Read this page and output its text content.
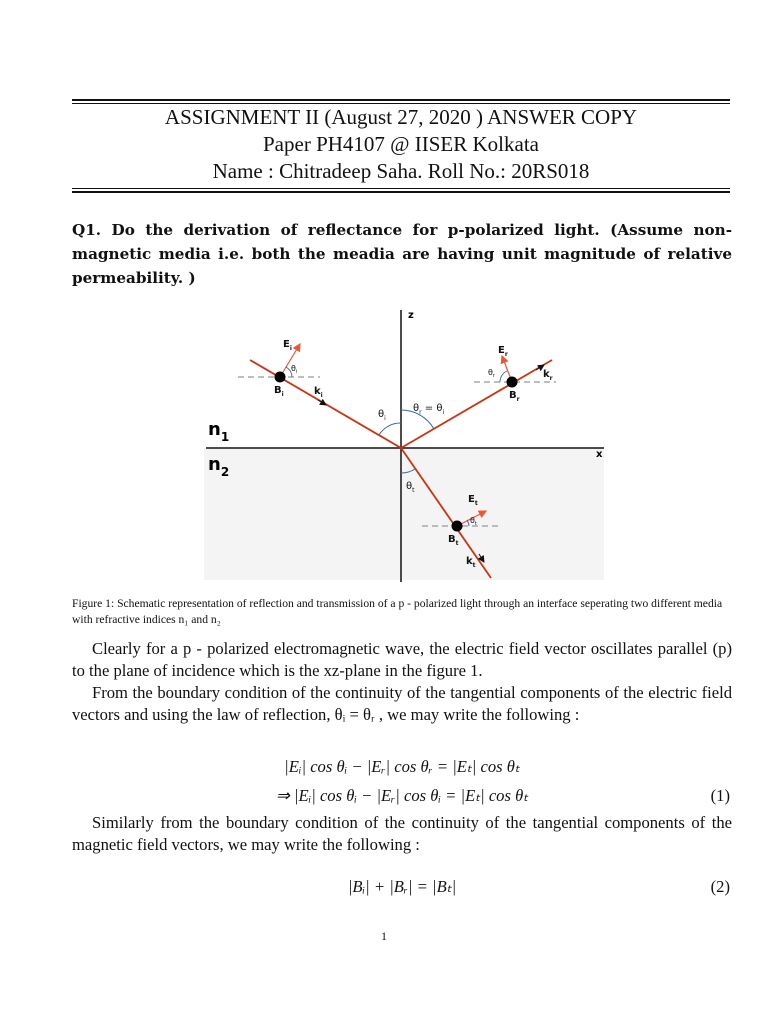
ASSIGNMENT II (August 27, 2020 ) ANSWER COPY
Paper PH4107 @ IISER Kolkata
Name : Chitradeep Saha. Roll No.: 20RS018
Q1. Do the derivation of reflectance for p-polarized light. (Assume non-magnetic media i.e. both the meadia are having unit magnitude of relative permeability. )
z
x
$n_1$
$n_2$
$E_i$
$B_i$	$k_i$
$E_r$
$B_r$
$k_r$
$E_t$
$B_t$
$k_t$
$\theta_i$	$\theta_r$
$\theta_t$
$\theta_i$
$\theta_r = \theta_i$
$\theta_t$
Figure 1: Schematic representation of reflection and transmission of a p - polarized light through an interface seperating two different media with refractive indices n₁ and n₂
Clearly for a p - polarized electromagnetic wave, the electric field vector oscillates parallel (p) to the plane of incidence which is the xz-plane in the figure 1.
From the boundary condition of the continuity of the tangential components of the electric field vectors and using the law of reflection, θᵢ = θᵣ , we may write the following :
|Eᵢ| cos θᵢ − |Eᵣ| cos θᵣ = |Eₜ| cos θₜ
⇒ |Eᵢ| cos θᵢ − |Eᵣ| cos θᵢ = |Eₜ| cos θₜ	(1)
Similarly from the boundary condition of the continuity of the tangential components of the magnetic field vectors, we may write the following :
|Bᵢ| + |Bᵣ| = |Bₜ|	(2)
1
